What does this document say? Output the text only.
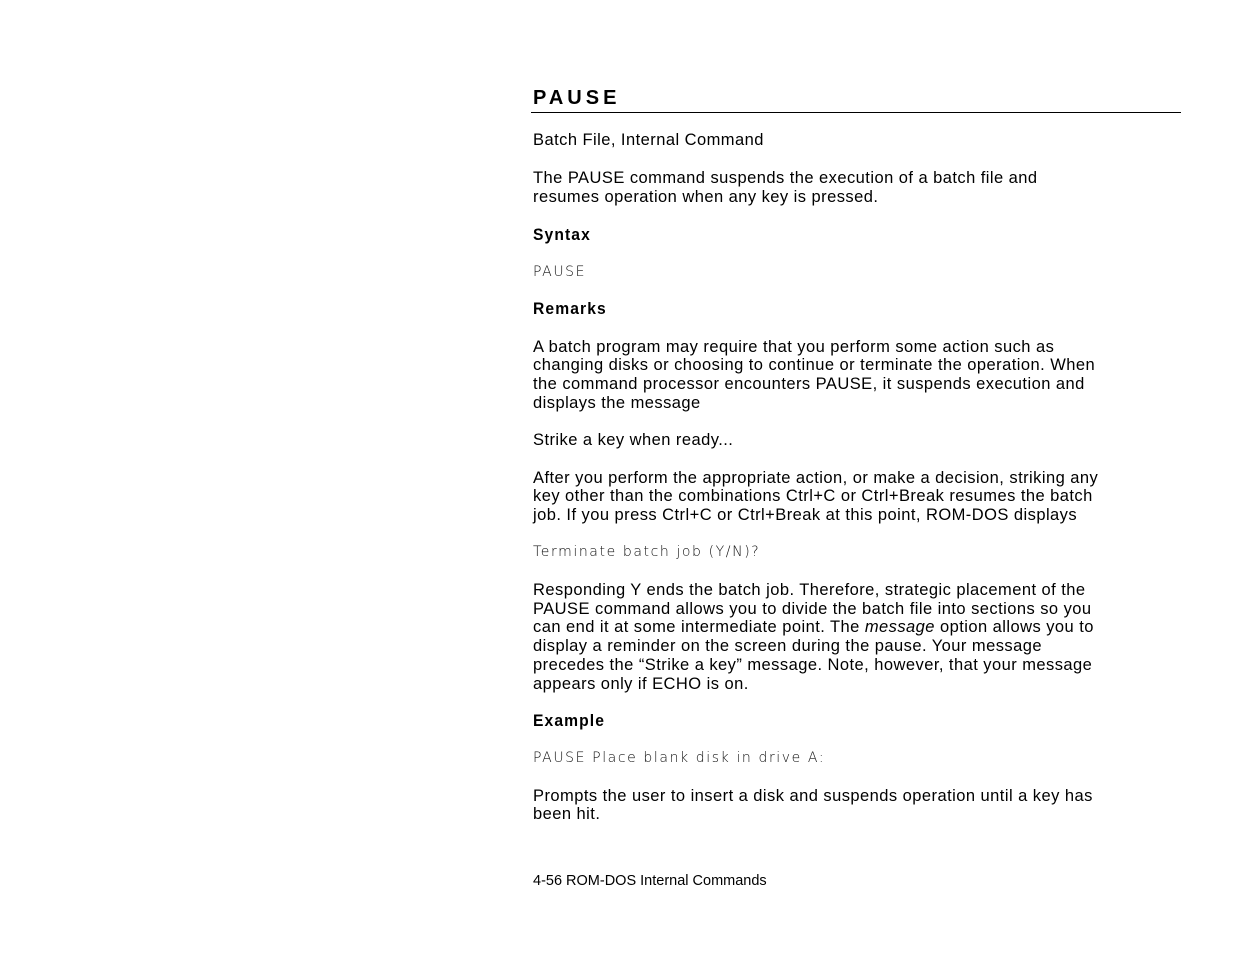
PAUSE

Batch File, Internal Command

The PAUSE command suspends the execution of a batch file and

resumes operation when any key is pressed.

Syntax

PAUSE

Remarks

A batch program may require that you perform some action such as

changing disks or choosing to continue or terminate the operation. When

the command processor encounters PAUSE, it suspends execution and

displays the message

Strike a key when ready...

After you perform the appropriate action, or make a decision, striking any

key other than the combinations Ctrl+C or Ctrl+Break resumes the batch

job. If you press Ctrl+C or Ctrl+Break at this point, ROM-DOS displays

Terminate batch job (Y/N)?

Responding Y ends the batch job. Therefore, strategic placement of the

PAUSE command allows you to divide the batch file into sections so you

can end it at some intermediate point. The message option allows you to

display a reminder on the screen during the pause. Your message

precedes the “Strike a key” message. Note, however, that your message

appears only if ECHO is on.

Example

PAUSE Place blank disk in drive A:

Prompts the user to insert a disk and suspends operation until a key has

been hit.

4-56 ROM-DOS Internal Commands
